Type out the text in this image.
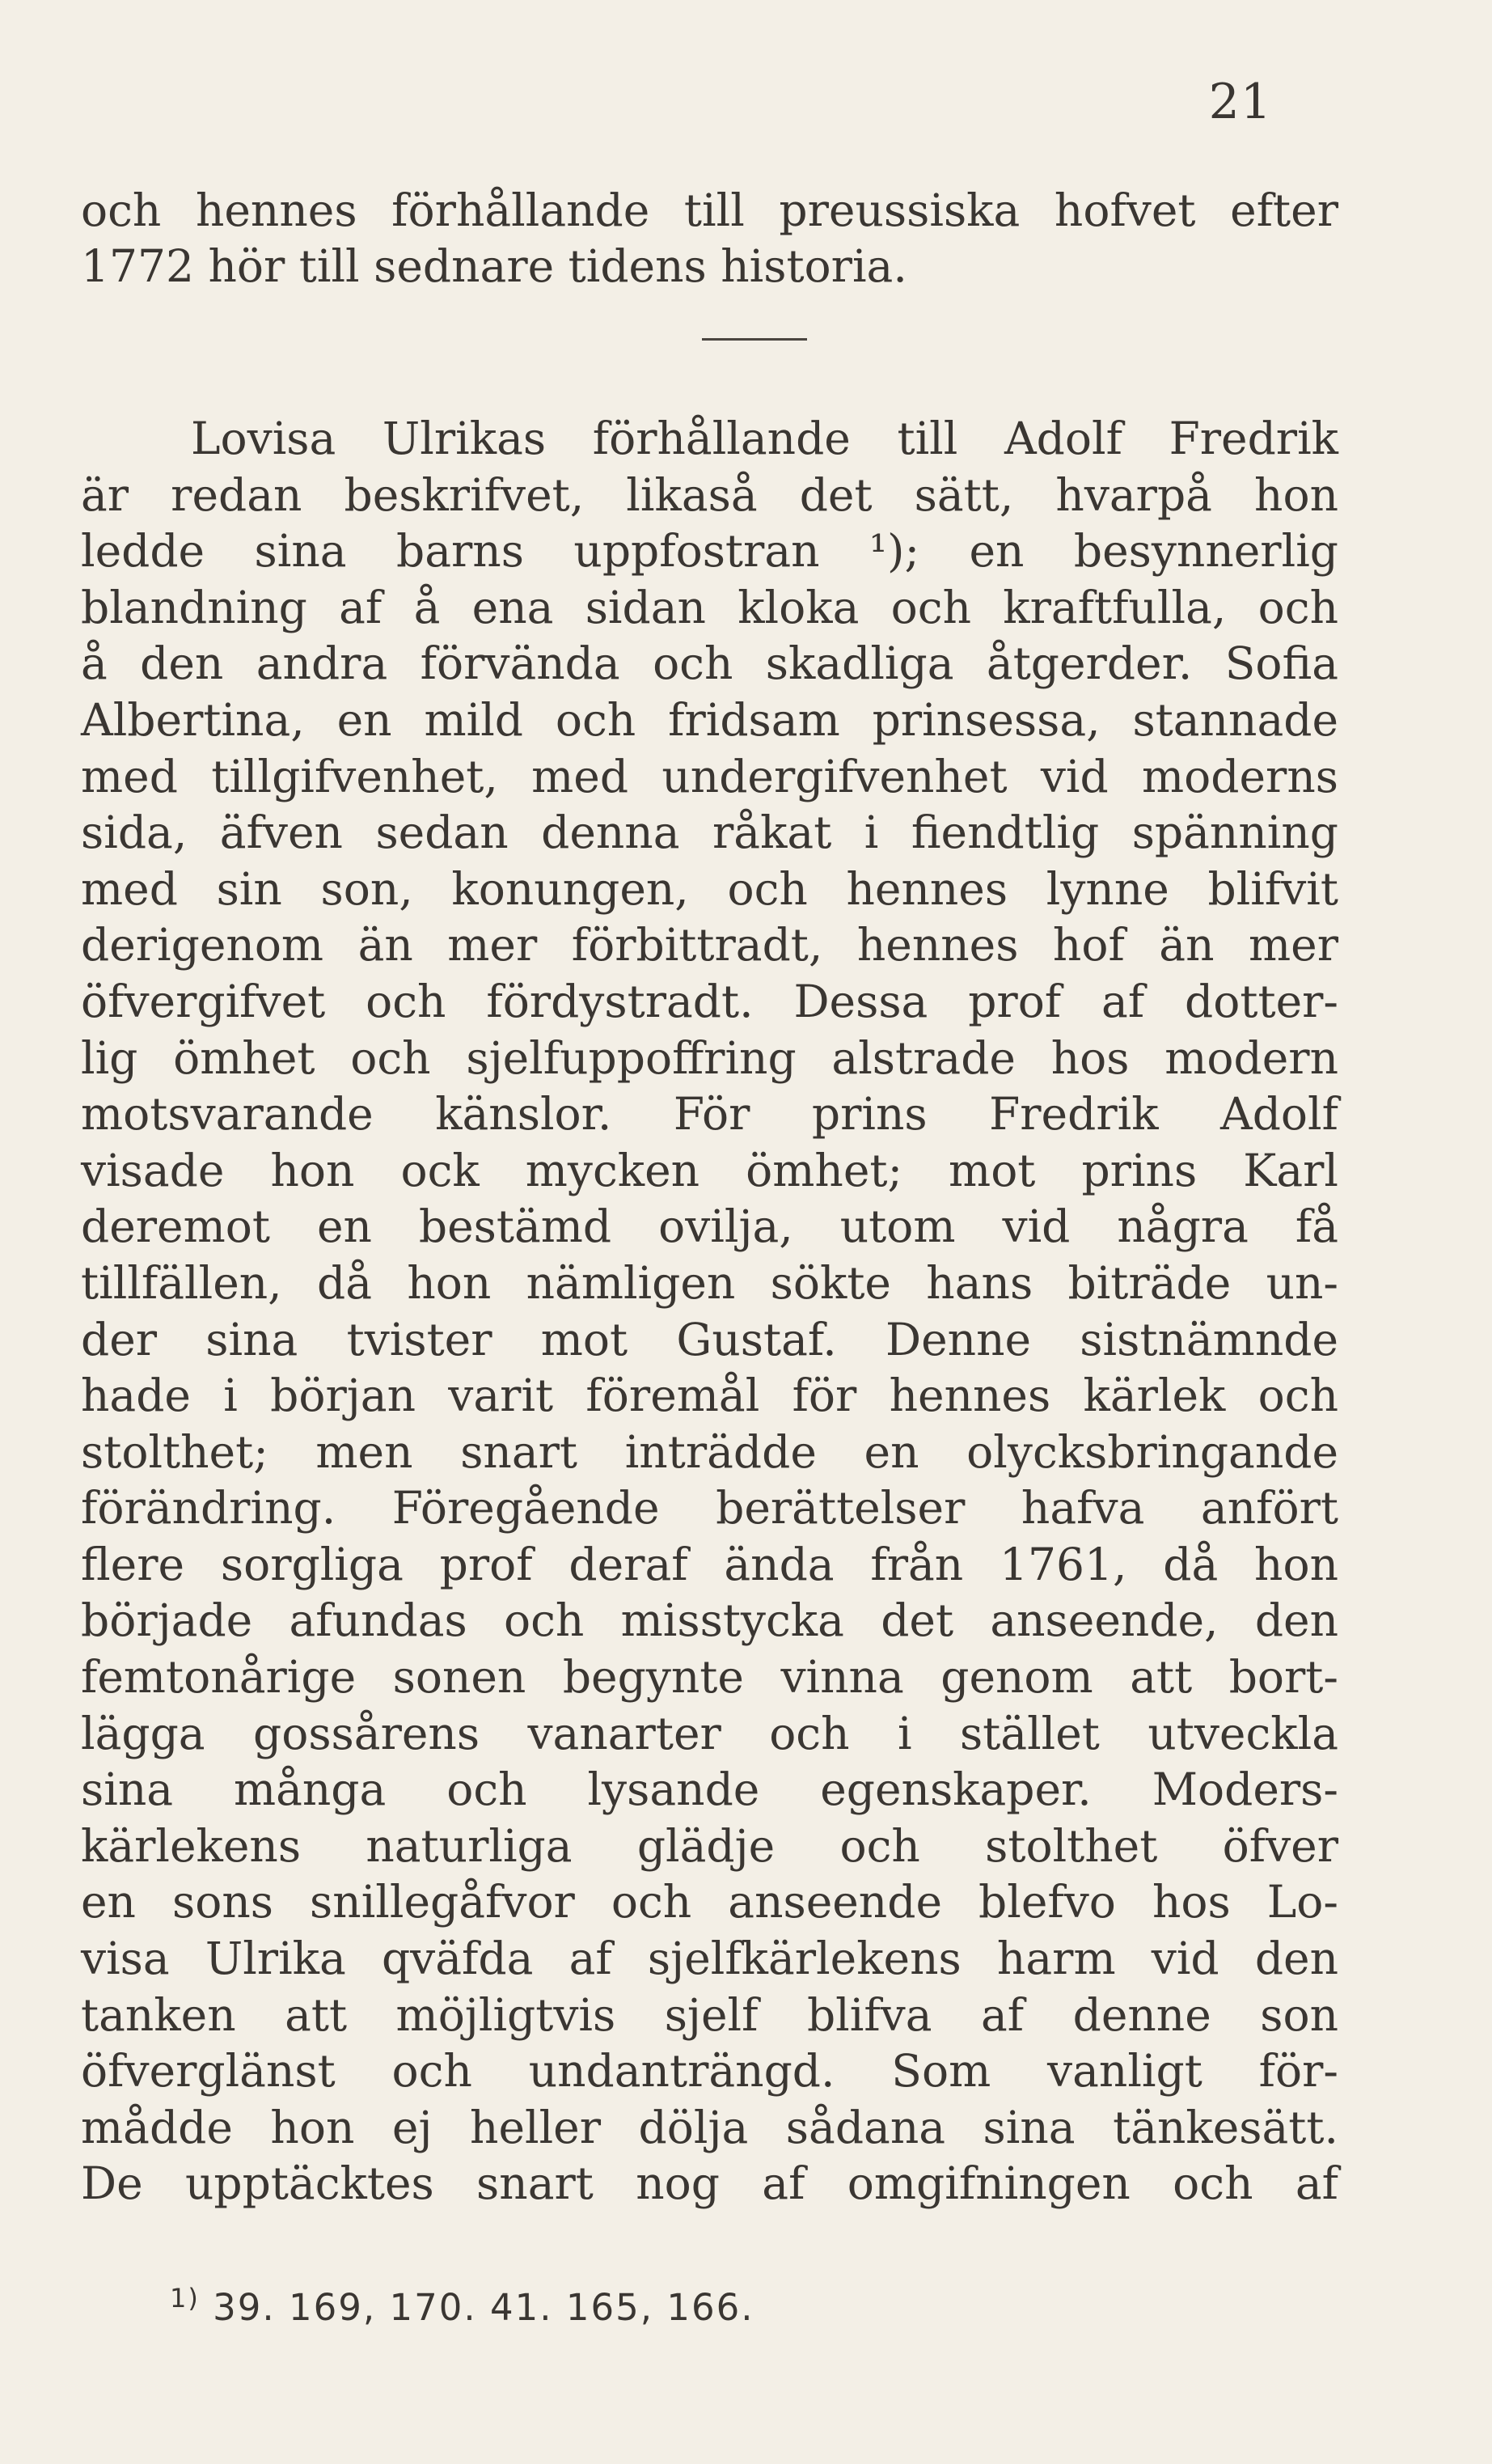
21
och hennes förhållande till preussiska hofvet efter
1772 hör till sednare tidens historia.
Lovisa Ulrikas förhållande till Adolf Fredrik
är redan beskrifvet, likaså det sätt, hvarpå hon
ledde sina barns uppfostran ¹); en besynnerlig
blandning af å ena sidan kloka och kraftfulla, och
å den andra förvända och skadliga åtgerder. Sofia
Albertina, en mild och fridsam prinsessa, stannade
med tillgifvenhet, med undergifvenhet vid moderns
sida, äfven sedan denna råkat i fiendtlig spänning
med sin son, konungen, och hennes lynne blifvit
derigenom än mer förbittradt, hennes hof än mer
öfvergifvet och fördystradt. Dessa prof af dotter-
lig ömhet och sjelfuppoffring alstrade hos modern
motsvarande känslor. För prins Fredrik Adolf
visade hon ock mycken ömhet; mot prins Karl
deremot en bestämd ovilja, utom vid några få
tillfällen, då hon nämligen sökte hans biträde un-
der sina tvister mot Gustaf. Denne sistnämnde
hade i början varit föremål för hennes kärlek och
stolthet; men snart inträdde en olycksbringande
förändring. Föregående berättelser hafva anfört
flere sorgliga prof deraf ända från 1761, då hon
började afundas och misstycka det anseende, den
femtonårige sonen begynte vinna genom att bort-
lägga gossårens vanarter och i stället utveckla
sina många och lysande egenskaper. Moders-
kärlekens naturliga glädje och stolthet öfver
en sons snillegåfvor och anseende blefvo hos Lo-
visa Ulrika qväfda af sjelfkärlekens harm vid den
tanken att möjligtvis sjelf blifva af denne son
öfverglänst och undanträngd. Som vanligt för-
mådde hon ej heller dölja sådana sina tänkesätt.
De upptäcktes snart nog af omgifningen och af
$^{1)}$ 39. 169, 170. 41. 165, 166.
